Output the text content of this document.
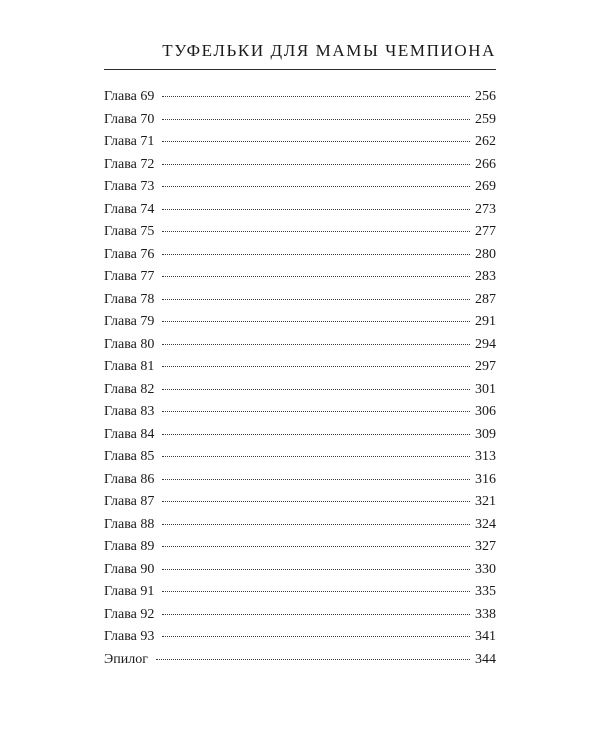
ТУФЕЛЬКИ ДЛЯ МАМЫ ЧЕМПИОНА
Глава 69	256
Глава 70	259
Глава 71	262
Глава 72	266
Глава 73	269
Глава 74	273
Глава 75	277
Глава 76	280
Глава 77	283
Глава 78	287
Глава 79	291
Глава 80	294
Глава 81	297
Глава 82	301
Глава 83	306
Глава 84	309
Глава 85	313
Глава 86	316
Глава 87	321
Глава 88	324
Глава 89	327
Глава 90	330
Глава 91	335
Глава 92	338
Глава 93	341
Эпилог	344
